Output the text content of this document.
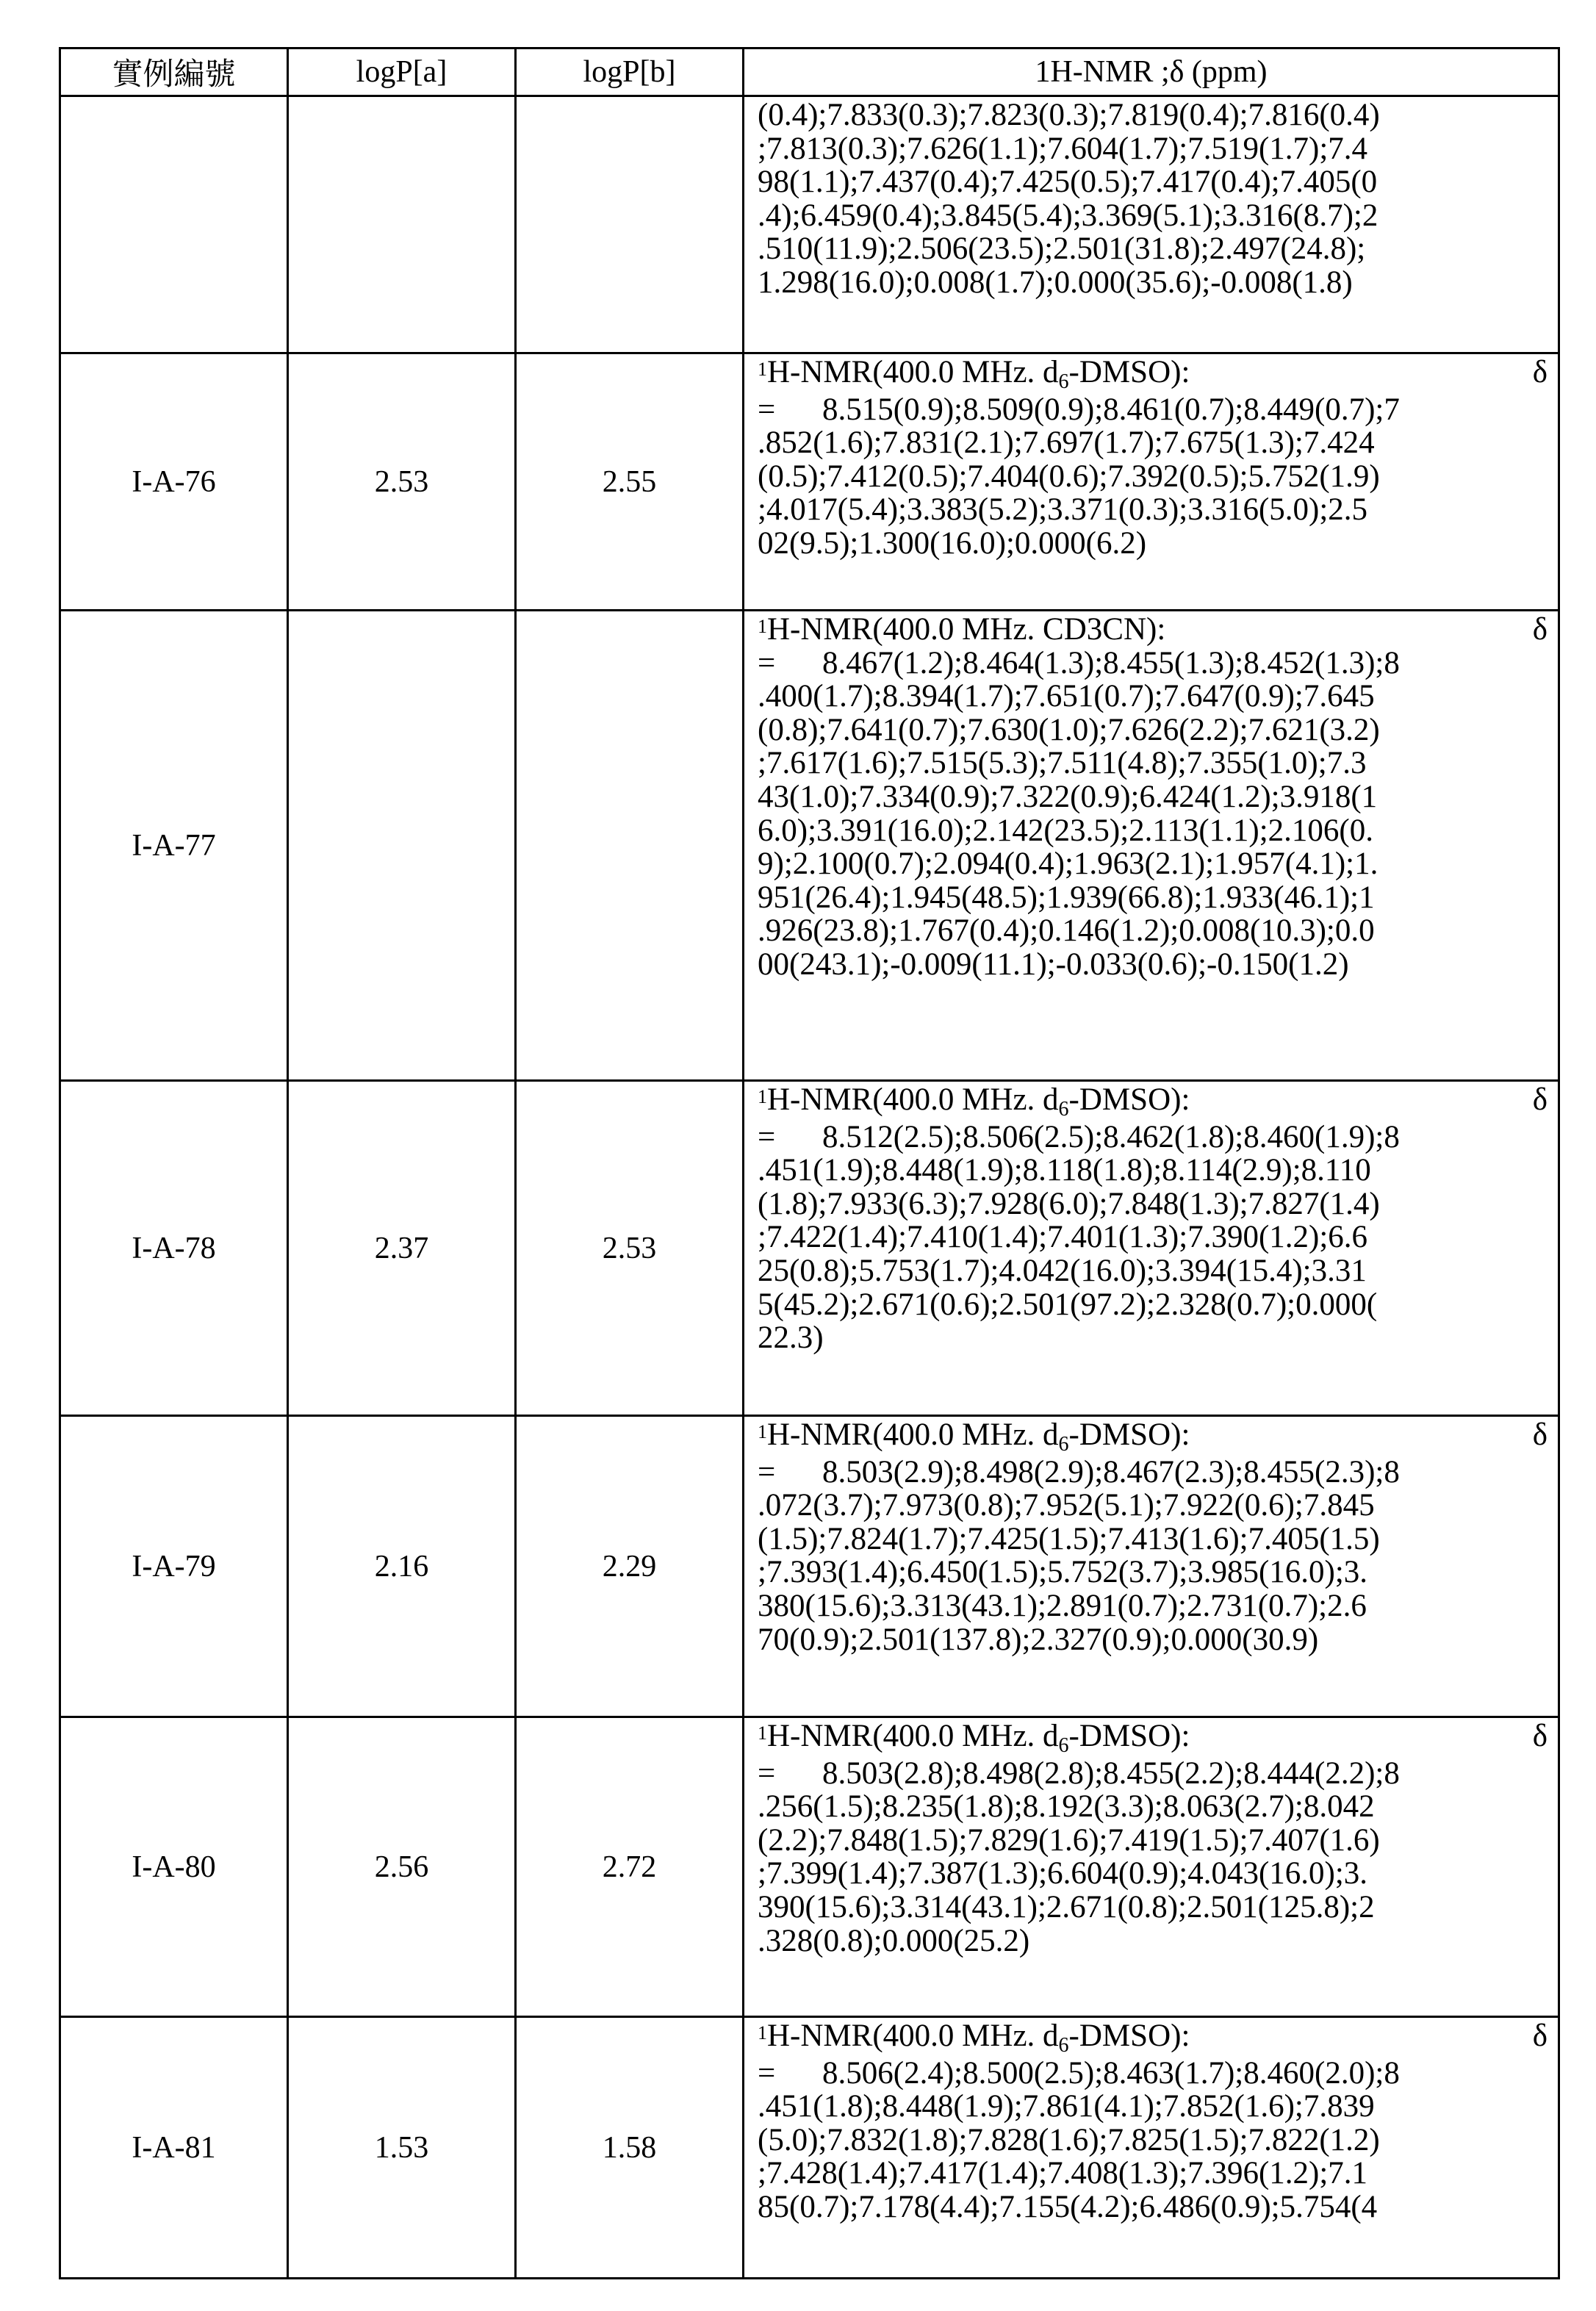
實例編號	logP[a]	logP[b]	1H-NMR ;δ (ppm)

(0.4);7.833(0.3);7.823(0.3);7.819(0.4);7.816(0.4)
;7.813(0.3);7.626(1.1);7.604(1.7);7.519(1.7);7.4
98(1.1);7.437(0.4);7.425(0.5);7.417(0.4);7.405(0
.4);6.459(0.4);3.845(5.4);3.369(5.1);3.316(8.7);2
.510(11.9);2.506(23.5);2.501(31.8);2.497(24.8);
1.298(16.0);0.008(1.7);0.000(35.6);-0.008(1.8)

I-A-76	2.53	2.55	
1H-NMR(400.0 MHz. d6-DMSO):	δ
= 8.515(0.9);8.509(0.9);8.461(0.7);8.449(0.7);7
.852(1.6);7.831(2.1);7.697(1.7);7.675(1.3);7.424
(0.5);7.412(0.5);7.404(0.6);7.392(0.5);5.752(1.9)
;4.017(5.4);3.383(5.2);3.371(0.3);3.316(5.0);2.5
02(9.5);1.300(16.0);0.000(6.2)

I-A-77			
1H-NMR(400.0 MHz. CD3CN):	δ
= 8.467(1.2);8.464(1.3);8.455(1.3);8.452(1.3);8
.400(1.7);8.394(1.7);7.651(0.7);7.647(0.9);7.645
(0.8);7.641(0.7);7.630(1.0);7.626(2.2);7.621(3.2)
;7.617(1.6);7.515(5.3);7.511(4.8);7.355(1.0);7.3
43(1.0);7.334(0.9);7.322(0.9);6.424(1.2);3.918(1
6.0);3.391(16.0);2.142(23.5);2.113(1.1);2.106(0.
9);2.100(0.7);2.094(0.4);1.963(2.1);1.957(4.1);1.
951(26.4);1.945(48.5);1.939(66.8);1.933(46.1);1
.926(23.8);1.767(0.4);0.146(1.2);0.008(10.3);0.0
00(243.1);-0.009(11.1);-0.033(0.6);-0.150(1.2)

I-A-78	2.37	2.53	
1H-NMR(400.0 MHz. d6-DMSO):	δ
= 8.512(2.5);8.506(2.5);8.462(1.8);8.460(1.9);8
.451(1.9);8.448(1.9);8.118(1.8);8.114(2.9);8.110
(1.8);7.933(6.3);7.928(6.0);7.848(1.3);7.827(1.4)
;7.422(1.4);7.410(1.4);7.401(1.3);7.390(1.2);6.6
25(0.8);5.753(1.7);4.042(16.0);3.394(15.4);3.31
5(45.2);2.671(0.6);2.501(97.2);2.328(0.7);0.000(
22.3)

I-A-79	2.16	2.29	
1H-NMR(400.0 MHz. d6-DMSO):	δ
= 8.503(2.9);8.498(2.9);8.467(2.3);8.455(2.3);8
.072(3.7);7.973(0.8);7.952(5.1);7.922(0.6);7.845
(1.5);7.824(1.7);7.425(1.5);7.413(1.6);7.405(1.5)
;7.393(1.4);6.450(1.5);5.752(3.7);3.985(16.0);3.
380(15.6);3.313(43.1);2.891(0.7);2.731(0.7);2.6
70(0.9);2.501(137.8);2.327(0.9);0.000(30.9)

I-A-80	2.56	2.72	
1H-NMR(400.0 MHz. d6-DMSO):	δ
= 8.503(2.8);8.498(2.8);8.455(2.2);8.444(2.2);8
.256(1.5);8.235(1.8);8.192(3.3);8.063(2.7);8.042
(2.2);7.848(1.5);7.829(1.6);7.419(1.5);7.407(1.6)
;7.399(1.4);7.387(1.3);6.604(0.9);4.043(16.0);3.
390(15.6);3.314(43.1);2.671(0.8);2.501(125.8);2
.328(0.8);0.000(25.2)

I-A-81	1.53	1.58	
1H-NMR(400.0 MHz. d6-DMSO):	δ
= 8.506(2.4);8.500(2.5);8.463(1.7);8.460(2.0);8
.451(1.8);8.448(1.9);7.861(4.1);7.852(1.6);7.839
(5.0);7.832(1.8);7.828(1.6);7.825(1.5);7.822(1.2)
;7.428(1.4);7.417(1.4);7.408(1.3);7.396(1.2);7.1
85(0.7);7.178(4.4);7.155(4.2);6.486(0.9);5.754(4
